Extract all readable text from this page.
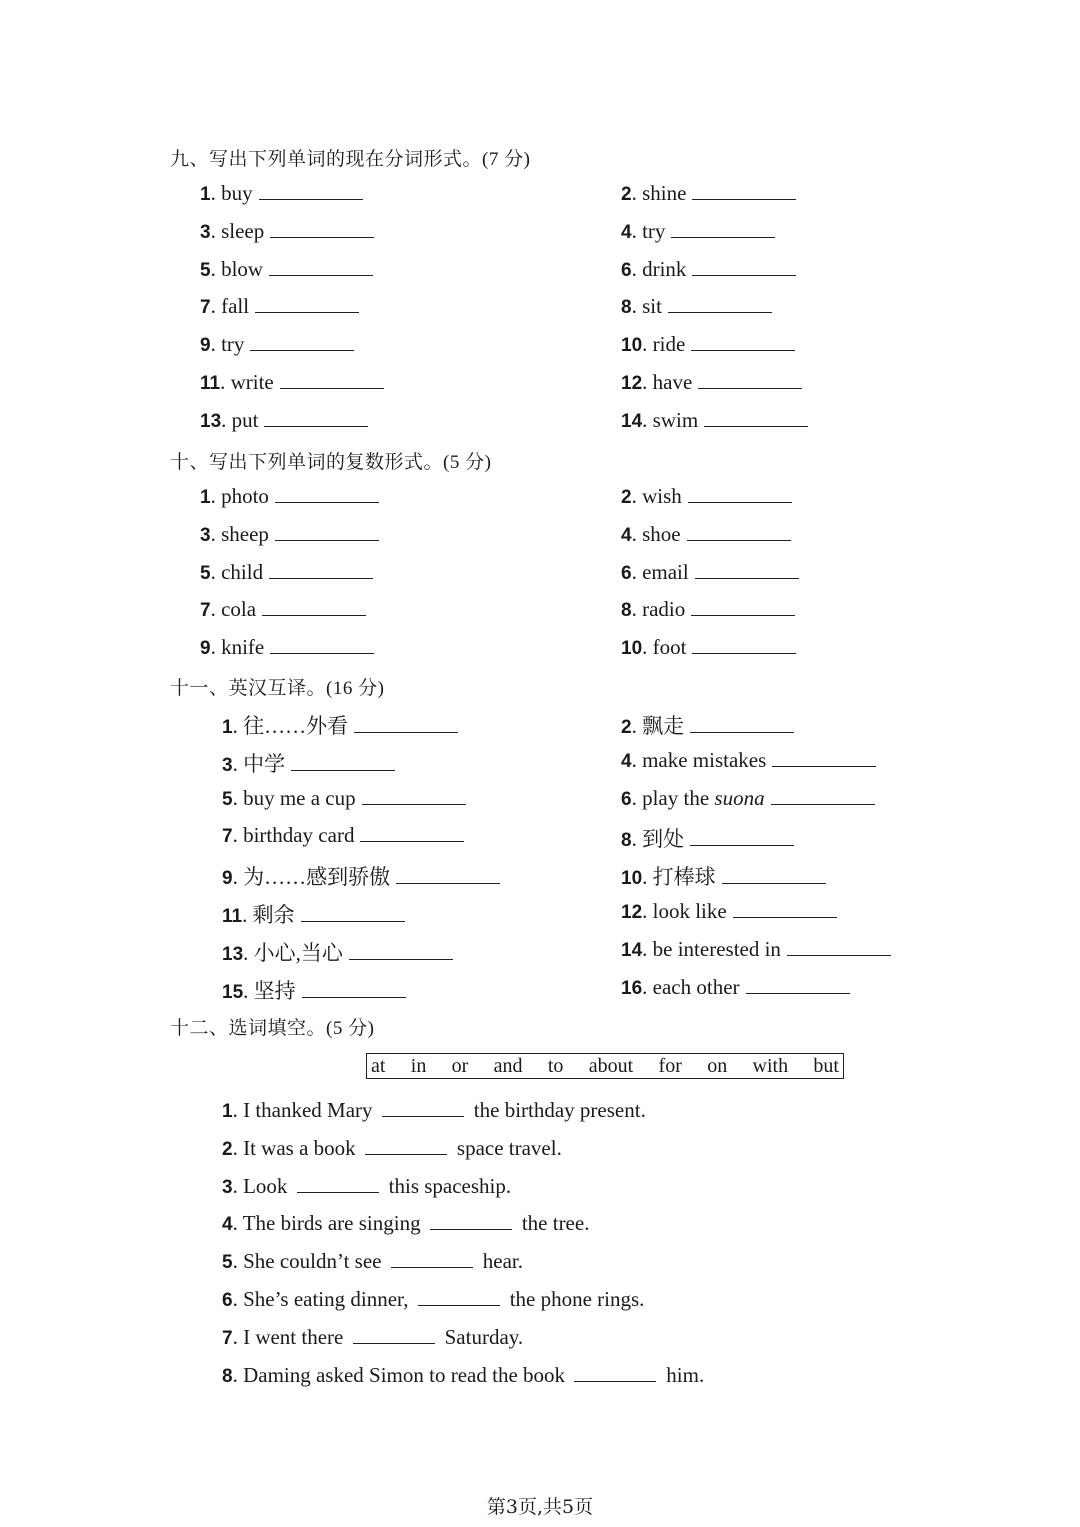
九、写出下列单词的现在分词形式。(7 分)
1. buy	2. shine
3. sleep	4. try
5. blow	6. drink
7. fall	8. sit
9. try	10. ride
11. write	12. have
13. put	14. swim
十、写出下列单词的复数形式。(5 分)
1. photo	2. wish
3. sheep	4. shoe
5. child	6. email
7. cola	8. radio
9. knife	10. foot
十一、英汉互译。(16 分)
1. 往……外看	2. 飘走
3. 中学	4. make mistakes
5. buy me a cup	6. play the suona
7. birthday card	8. 到处
9. 为……感到骄傲	10. 打棒球
11. 剩余	12. look like
13. 小心,当心	14. be interested in
15. 坚持	16. each other
十二、选词填空。(5 分)
at in or and to about for on with but
1. I thanked Mary	the birthday present.
2. It was a book	space travel.
3. Look	this spaceship.
4. The birds are singing	the tree.
5. She couldn’t see	hear.
6. She’s eating dinner,	the phone rings.
7. I went there	Saturday.
8. Daming asked Simon to read the book	him.
第3页,共5页
